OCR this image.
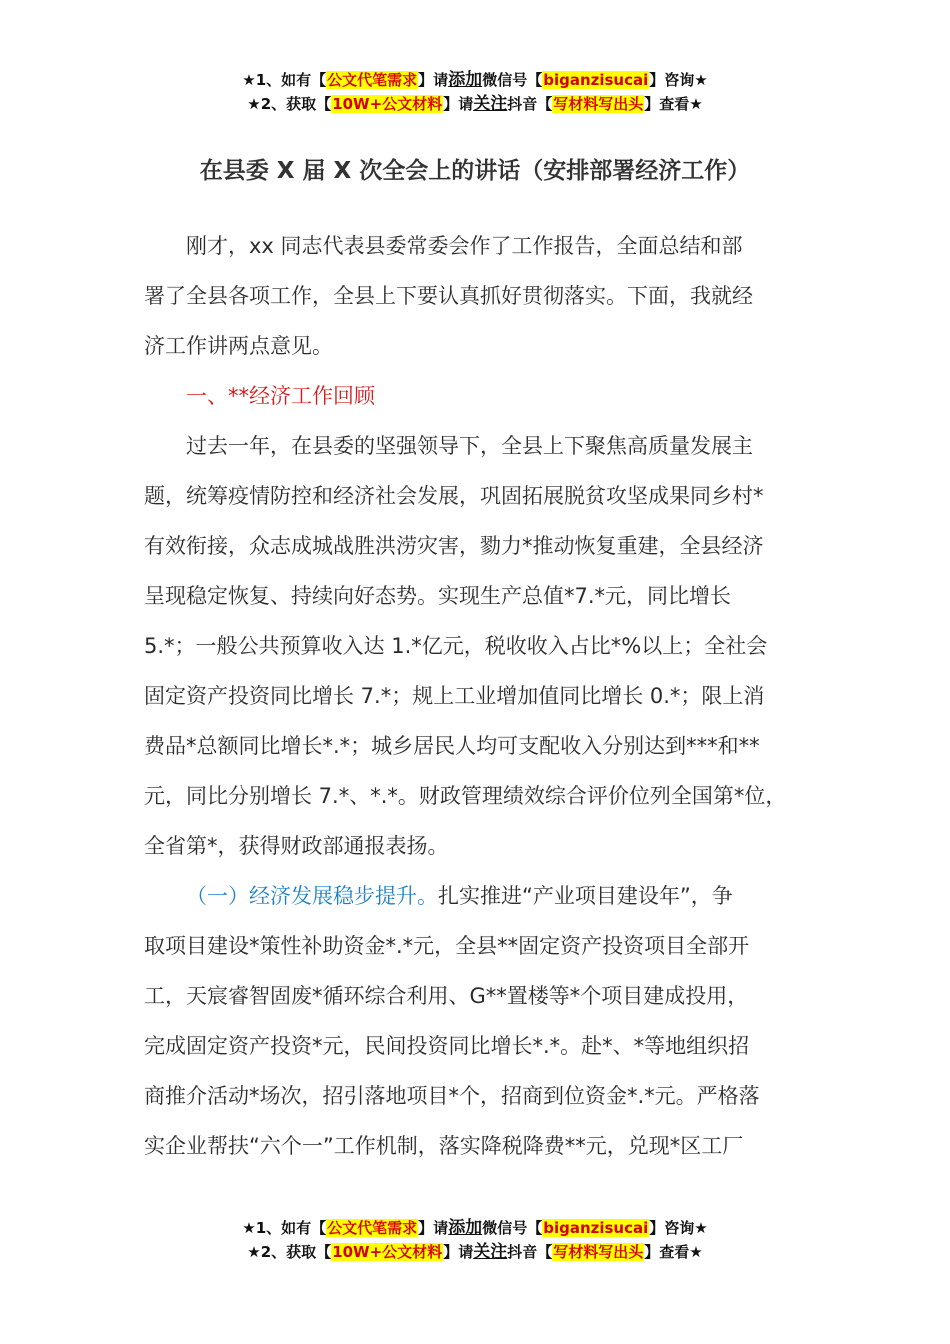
★1、如有【公文代笔需求】请添加微信号【biganzisucai】咨询★
★2、获取【10W+公文材料】请关注抖音【写材料写出头】查看★
在县委 X 届 X 次全会上的讲话（安排部署经济工作）
刚才，xx 同志代表县委常委会作了工作报告，全面总结和部
署了全县各项工作，全县上下要认真抓好贯彻落实。下面，我就经
济工作讲两点意见。
一、**经济工作回顾
过去一年，在县委的坚强领导下，全县上下聚焦高质量发展主
题，统筹疫情防控和经济社会发展，巩固拓展脱贫攻坚成果同乡村*
有效衔接，众志成城战胜洪涝灾害，勠力*推动恢复重建，全县经济
呈现稳定恢复、持续向好态势。实现生产总值*7.*元，同比增长
5.*；一般公共预算收入达 1.*亿元，税收收入占比*%以上；全社会
固定资产投资同比增长 7.*；规上工业增加值同比增长 0.*；限上消
费品*总额同比增长*.*；城乡居民人均可支配收入分别达到***和**
元，同比分别增长 7.*、*.*。财政管理绩效综合评价位列全国第*位，
全省第*，获得财政部通报表扬。
（一）经济发展稳步提升。扎实推进“产业项目建设年”，争
取项目建设*策性补助资金*.*元，全县**固定资产投资项目全部开
工，天宸睿智固废*循环综合利用、G**置楼等*个项目建成投用，
完成固定资产投资*元，民间投资同比增长*.*。赴*、*等地组织招
商推介活动*场次，招引落地项目*个，招商到位资金*.*元。严格落
实企业帮扶“六个一”工作机制，落实降税降费**元，兑现*区工厂
★1、如有【公文代笔需求】请添加微信号【biganzisucai】咨询★
★2、获取【10W+公文材料】请关注抖音【写材料写出头】查看★
